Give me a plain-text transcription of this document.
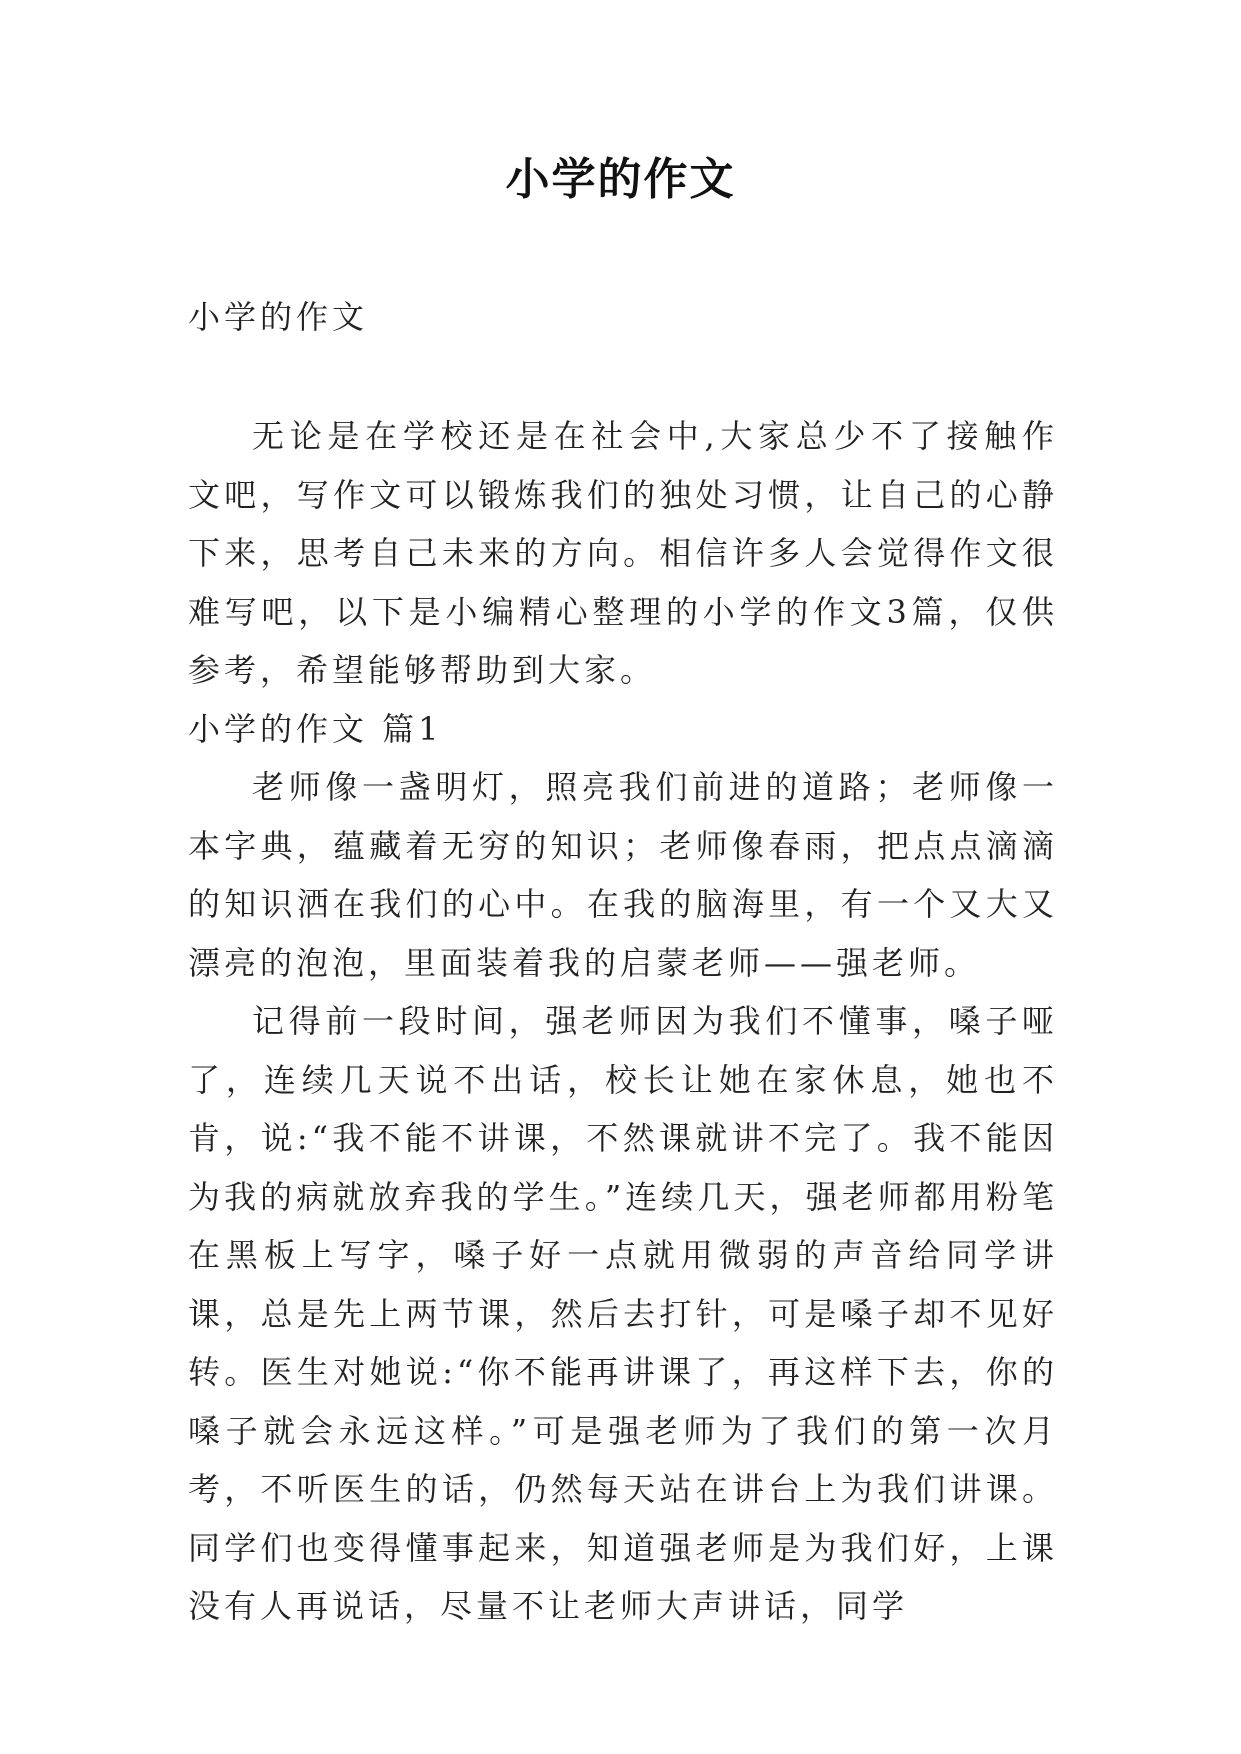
小学的作文

小学的作文

无论是在学校还是在社会中,大家总少不了接触作文吧，写作文可以锻炼我们的独处习惯，让自己的心静下来，思考自己未来的方向。相信许多人会觉得作文很难写吧，以下是小编精心整理的小学的作文3篇，仅供参考，希望能够帮助到大家。

小学的作文 篇1

老师像一盏明灯，照亮我们前进的道路；老师像一本字典，蕴藏着无穷的知识；老师像春雨，把点点滴滴的知识洒在我们的心中。在我的脑海里，有一个又大又漂亮的泡泡，里面装着我的启蒙老师——强老师。

记得前一段时间，强老师因为我们不懂事，嗓子哑了，连续几天说不出话，校长让她在家休息，她也不肯，说:“我不能不讲课，不然课就讲不完了。我不能因为我的病就放弃我的学生。”连续几天，强老师都用粉笔在黑板上写字，嗓子好一点就用微弱的声音给同学讲课，总是先上两节课，然后去打针，可是嗓子却不见好转。医生对她说:“你不能再讲课了，再这样下去，你的嗓子就会永远这样。”可是强老师为了我们的第一次月考，不听医生的话，仍然每天站在讲台上为我们讲课。同学们也变得懂事起来，知道强老师是为我们好，上课没有人再说话，尽量不让老师大声讲话，同学
